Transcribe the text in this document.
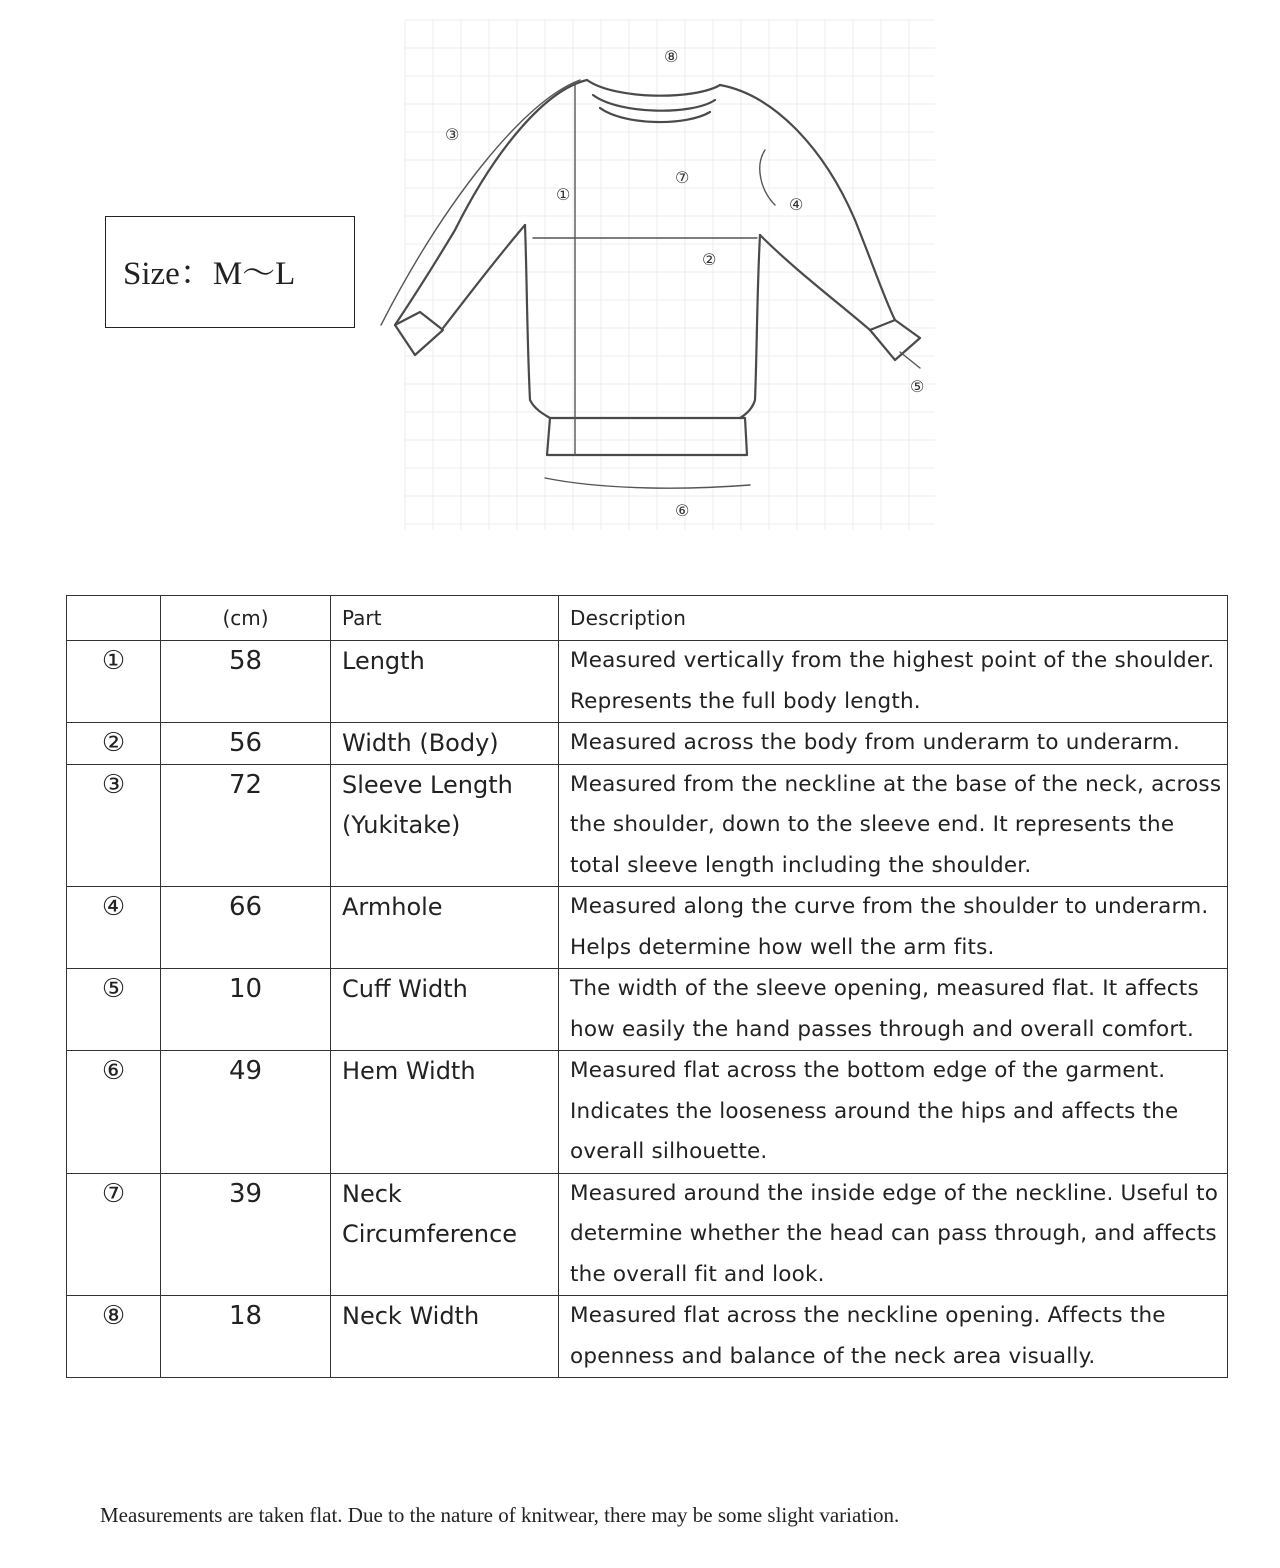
Size：M～L
①
②
③
④
⑤
⑥
⑦
⑧

	(cm)	Part	Description
①	58	Length	Measured vertically from the highest point of the shoulder. Represents the full body length.
②	56	Width (Body)	Measured across the body from underarm to underarm.
③	72	Sleeve Length (Yukitake)	Measured from the neckline at the base of the neck, across the shoulder, down to the sleeve end. It represents the total sleeve length including the shoulder.
④	66	Armhole	Measured along the curve from the shoulder to underarm. Helps determine how well the arm fits.
⑤	10	Cuff Width	The width of the sleeve opening, measured flat. It affects how easily the hand passes through and overall comfort.
⑥	49	Hem Width	Measured flat across the bottom edge of the garment. Indicates the looseness around the hips and affects the overall silhouette.
⑦	39	Neck Circumference	Measured around the inside edge of the neckline. Useful to determine whether the head can pass through, and affects the overall fit and look.
⑧	18	Neck Width	Measured flat across the neckline opening. Affects the openness and balance of the neck area visually.
Measurements are taken flat. Due to the nature of knitwear, there may be some slight variation.
